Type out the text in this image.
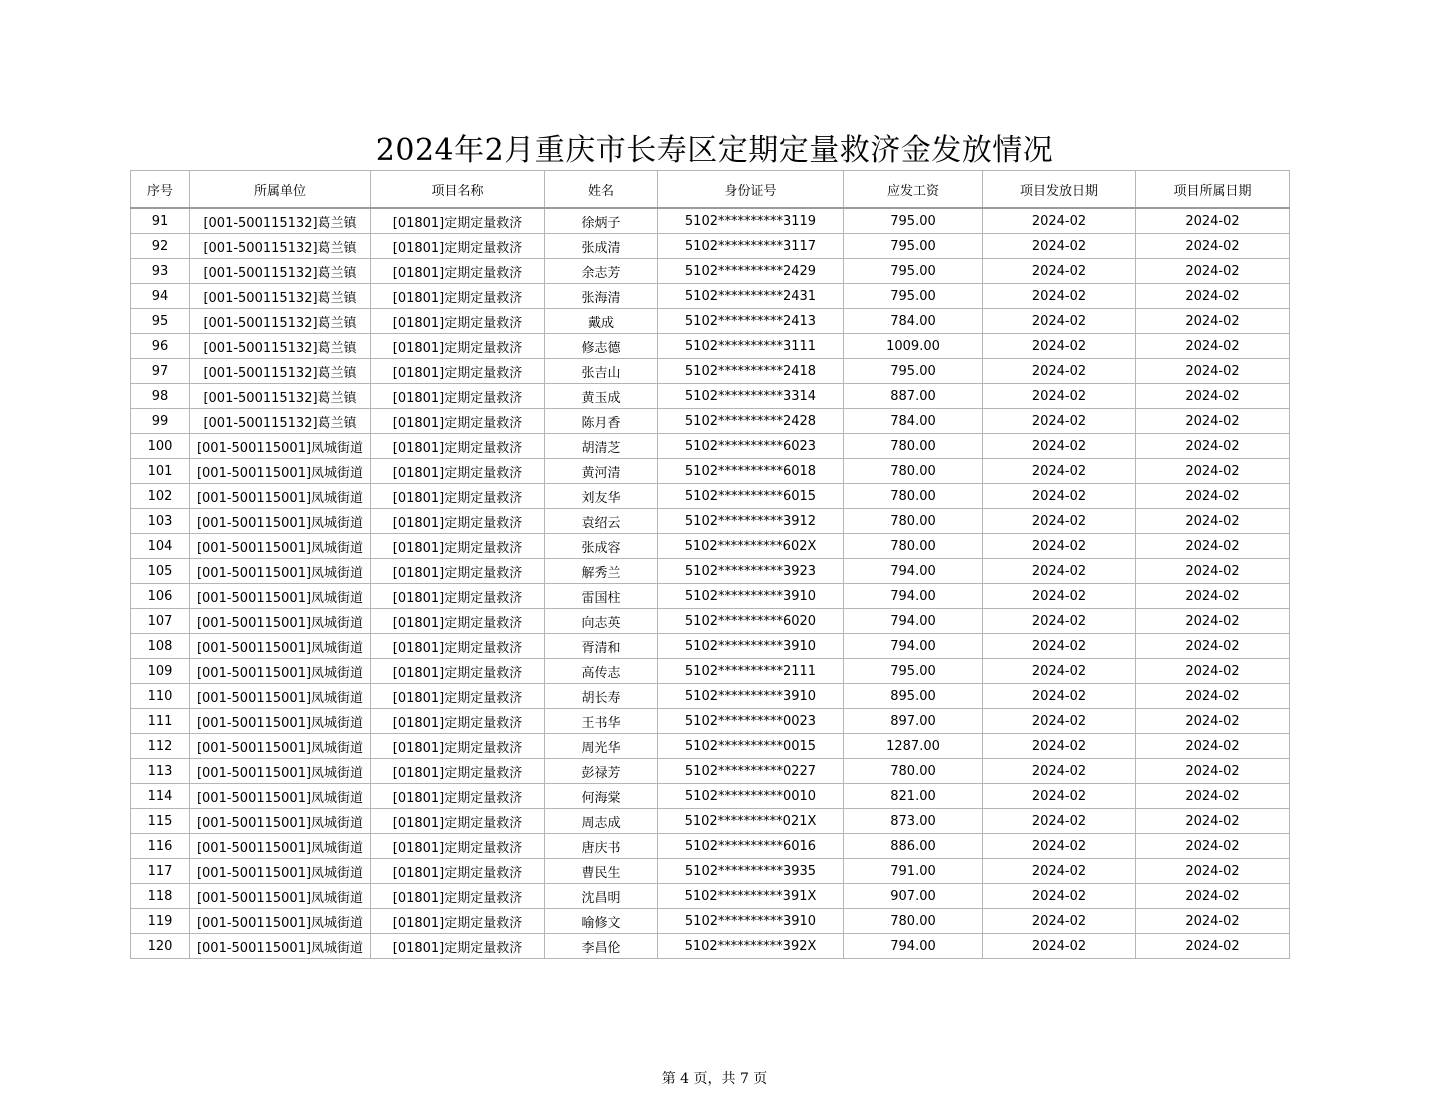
2024年2月重庆市长寿区定期定量救济金发放情况
序号	所属单位	项目名称	姓名	身份证号	应发工资	项目发放日期	项目所属日期
91	[001-500115132]葛兰镇	[01801]定期定量救济	徐炳子	5102**********3119	795.00	2024-02	2024-02
92	[001-500115132]葛兰镇	[01801]定期定量救济	张成清	5102**********3117	795.00	2024-02	2024-02
93	[001-500115132]葛兰镇	[01801]定期定量救济	余志芳	5102**********2429	795.00	2024-02	2024-02
94	[001-500115132]葛兰镇	[01801]定期定量救济	张海清	5102**********2431	795.00	2024-02	2024-02
95	[001-500115132]葛兰镇	[01801]定期定量救济	戴成	5102**********2413	784.00	2024-02	2024-02
96	[001-500115132]葛兰镇	[01801]定期定量救济	修志德	5102**********3111	1009.00	2024-02	2024-02
97	[001-500115132]葛兰镇	[01801]定期定量救济	张吉山	5102**********2418	795.00	2024-02	2024-02
98	[001-500115132]葛兰镇	[01801]定期定量救济	黄玉成	5102**********3314	887.00	2024-02	2024-02
99	[001-500115132]葛兰镇	[01801]定期定量救济	陈月香	5102**********2428	784.00	2024-02	2024-02
100	[001-500115001]凤城街道	[01801]定期定量救济	胡清芝	5102**********6023	780.00	2024-02	2024-02
101	[001-500115001]凤城街道	[01801]定期定量救济	黄河清	5102**********6018	780.00	2024-02	2024-02
102	[001-500115001]凤城街道	[01801]定期定量救济	刘友华	5102**********6015	780.00	2024-02	2024-02
103	[001-500115001]凤城街道	[01801]定期定量救济	袁绍云	5102**********3912	780.00	2024-02	2024-02
104	[001-500115001]凤城街道	[01801]定期定量救济	张成容	5102**********602X	780.00	2024-02	2024-02
105	[001-500115001]凤城街道	[01801]定期定量救济	解秀兰	5102**********3923	794.00	2024-02	2024-02
106	[001-500115001]凤城街道	[01801]定期定量救济	雷国柱	5102**********3910	794.00	2024-02	2024-02
107	[001-500115001]凤城街道	[01801]定期定量救济	向志英	5102**********6020	794.00	2024-02	2024-02
108	[001-500115001]凤城街道	[01801]定期定量救济	胥清和	5102**********3910	794.00	2024-02	2024-02
109	[001-500115001]凤城街道	[01801]定期定量救济	高传志	5102**********2111	795.00	2024-02	2024-02
110	[001-500115001]凤城街道	[01801]定期定量救济	胡长寿	5102**********3910	895.00	2024-02	2024-02
111	[001-500115001]凤城街道	[01801]定期定量救济	王书华	5102**********0023	897.00	2024-02	2024-02
112	[001-500115001]凤城街道	[01801]定期定量救济	周光华	5102**********0015	1287.00	2024-02	2024-02
113	[001-500115001]凤城街道	[01801]定期定量救济	彭禄芳	5102**********0227	780.00	2024-02	2024-02
114	[001-500115001]凤城街道	[01801]定期定量救济	何海棠	5102**********0010	821.00	2024-02	2024-02
115	[001-500115001]凤城街道	[01801]定期定量救济	周志成	5102**********021X	873.00	2024-02	2024-02
116	[001-500115001]凤城街道	[01801]定期定量救济	唐庆书	5102**********6016	886.00	2024-02	2024-02
117	[001-500115001]凤城街道	[01801]定期定量救济	曹民生	5102**********3935	791.00	2024-02	2024-02
118	[001-500115001]凤城街道	[01801]定期定量救济	沈昌明	5102**********391X	907.00	2024-02	2024-02
119	[001-500115001]凤城街道	[01801]定期定量救济	喻修文	5102**********3910	780.00	2024-02	2024-02
120	[001-500115001]凤城街道	[01801]定期定量救济	李昌伦	5102**********392X	794.00	2024-02	2024-02
第 4 页，共 7 页
